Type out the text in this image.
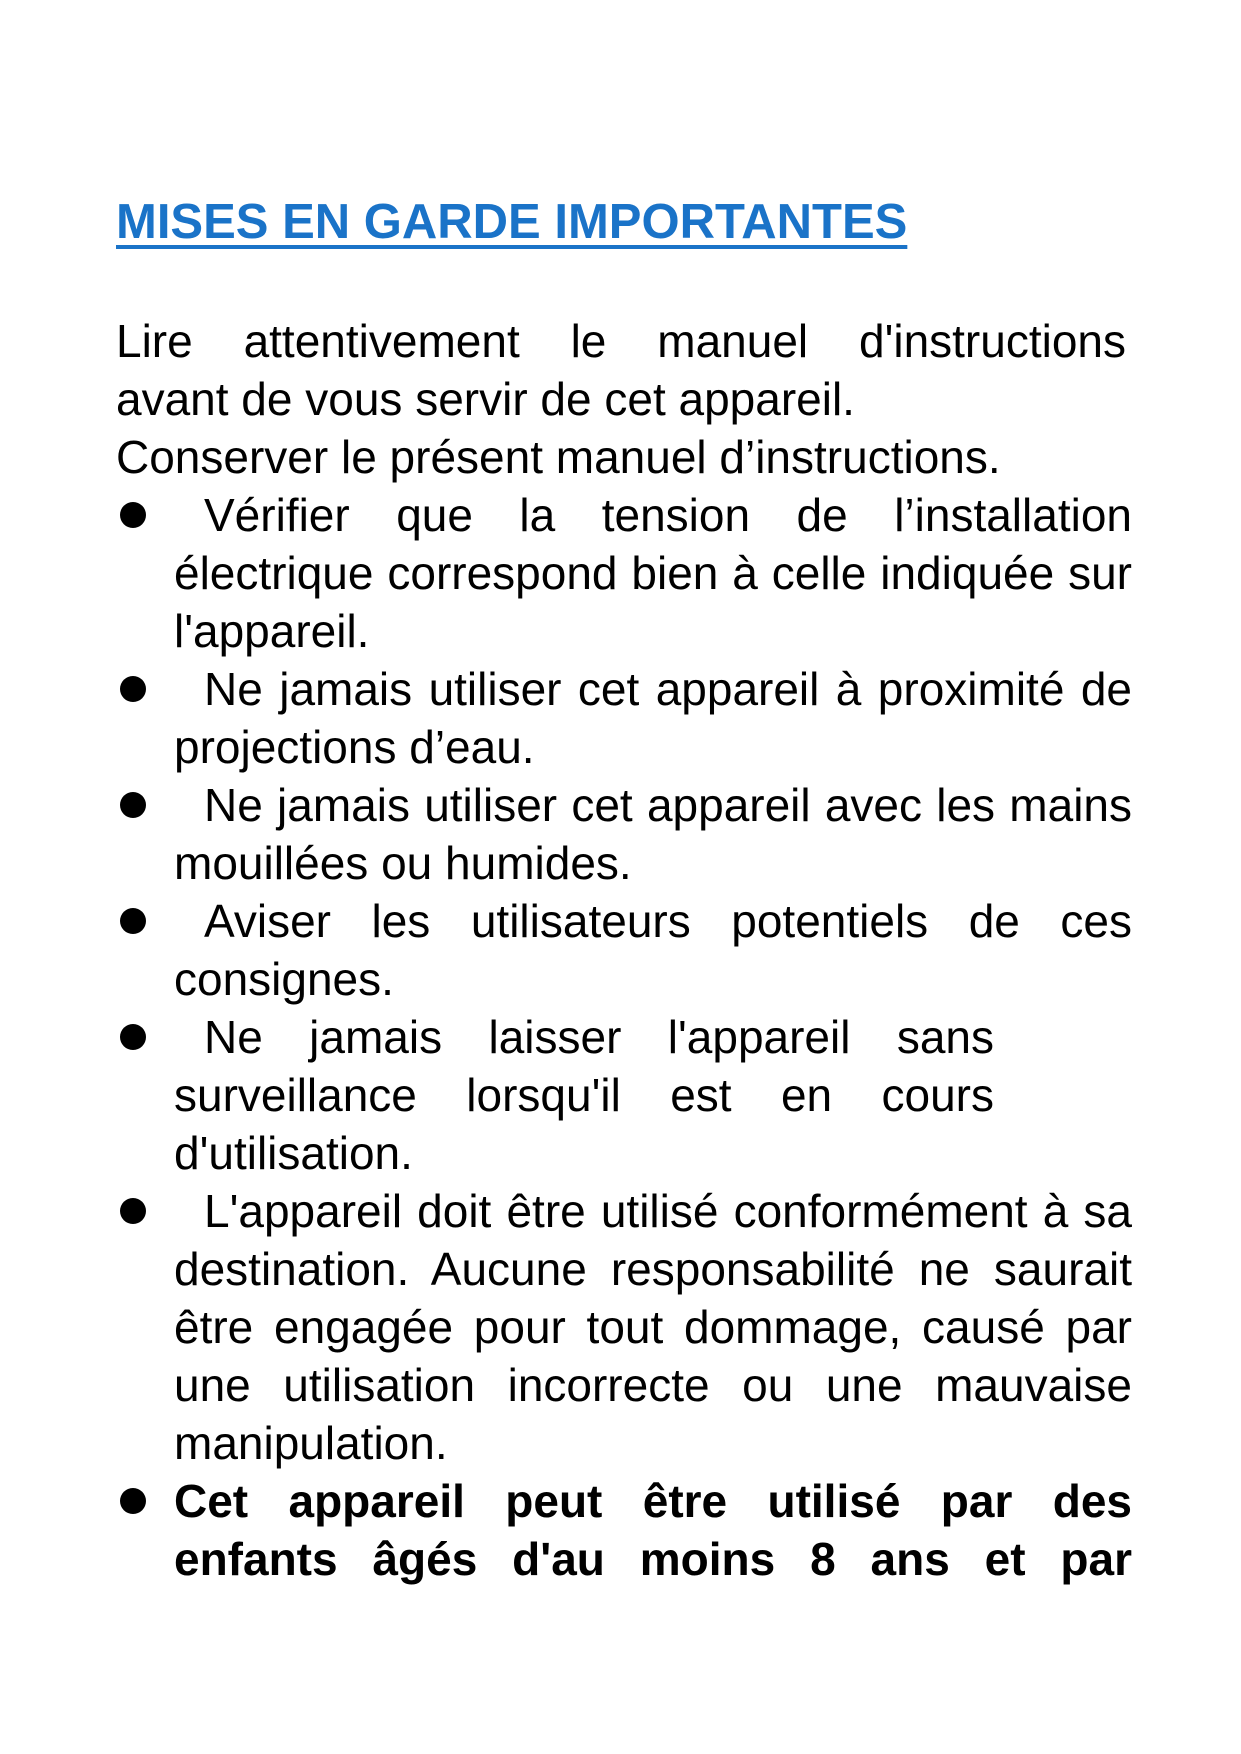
MISES EN GARDE IMPORTANTES

Lire attentivement le manuel d'instructions

avant de vous servir de cet appareil.

Conserver le présent manuel d’instructions.

Vérifier que la tension de l’installation électrique correspond bien à celle indiquée sur l'appareil.
Ne jamais utiliser cet appareil à proximité de projections d’eau.
Ne jamais utiliser cet appareil avec les mains mouillées ou humides.
Aviser les utilisateurs potentiels de ces consignes.
Ne jamais laisser l'appareil sans surveillance lorsqu'il est en cours d'utilisation.
L'appareil doit être utilisé conformément à sa destination. Aucune responsabilité ne saurait être engagée pour tout dommage, causé par une utilisation incorrecte ou une mauvaise manipulation.
Cet appareil peut être utilisé par des enfants âgés d'au moins 8 ans et par
